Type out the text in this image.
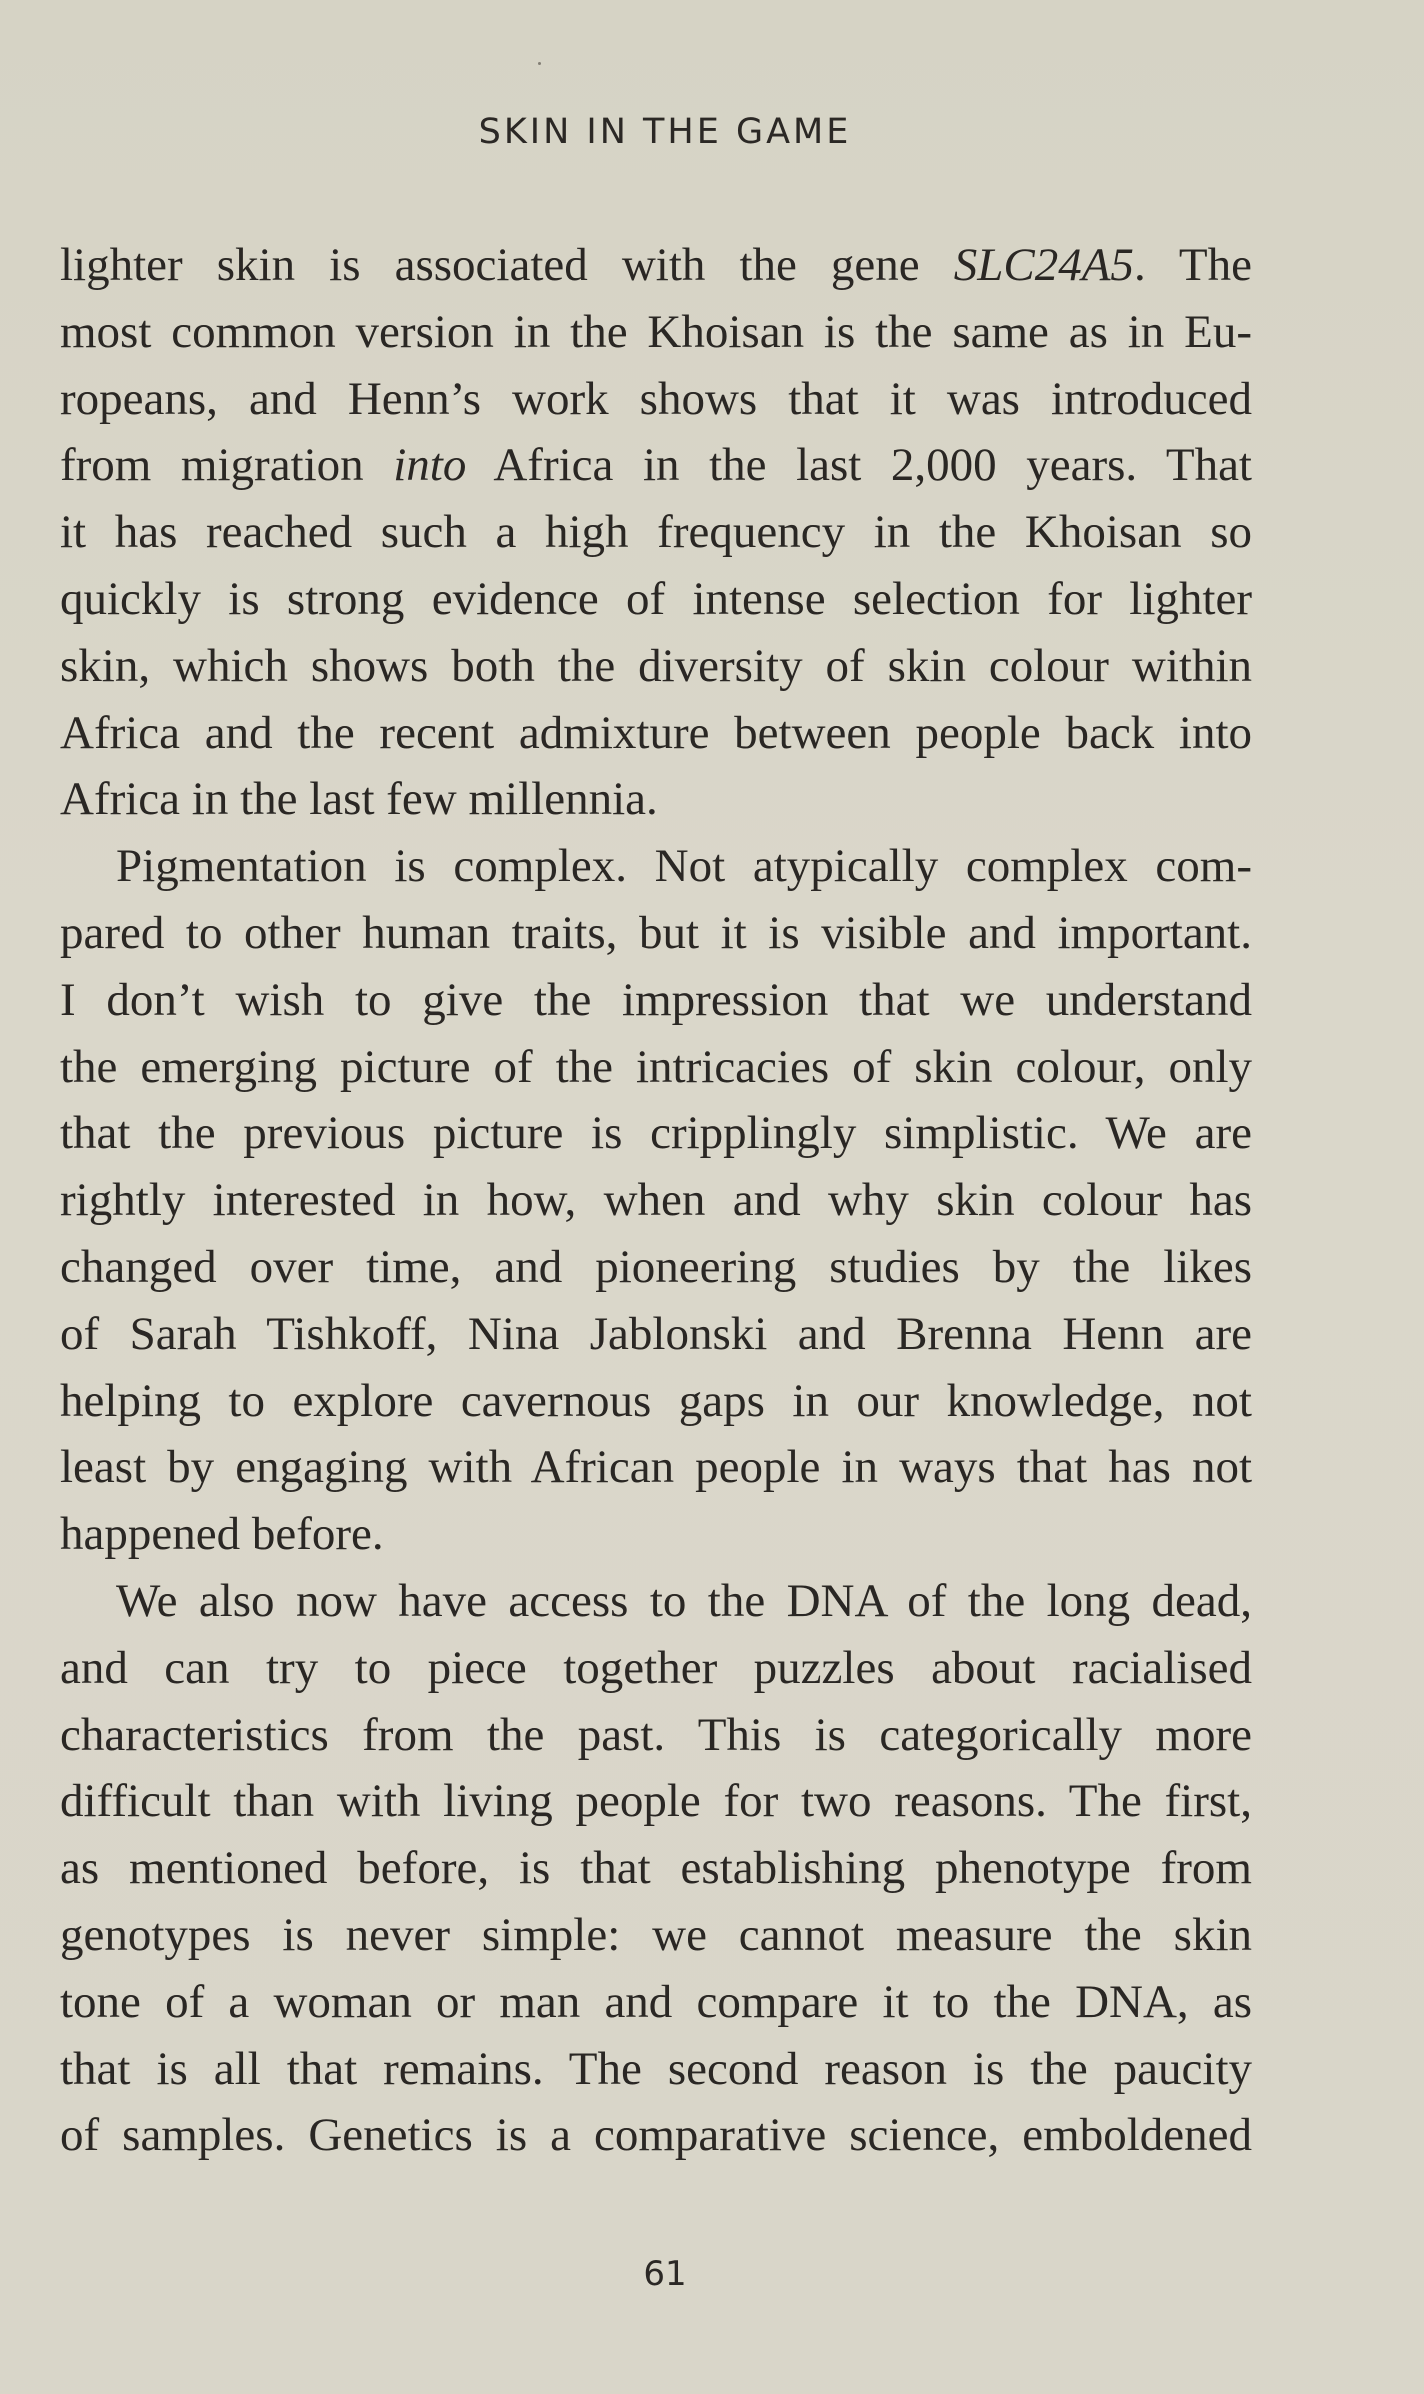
SKIN IN THE GAME
lighter skin is associated with the gene SLC24A5. The
most common version in the Khoisan is the same as in Eu-
ropeans, and Henn’s work shows that it was introduced
from migration into Africa in the last 2,000 years. That
it has reached such a high frequency in the Khoisan so
quickly is strong evidence of intense selection for lighter
skin, which shows both the diversity of skin colour within
Africa and the recent admixture between people back into
Africa in the last few millennia.
Pigmentation is complex. Not atypically complex com-
pared to other human traits, but it is visible and important.
I don’t wish to give the impression that we understand
the emerging picture of the intricacies of skin colour, only
that the previous picture is cripplingly simplistic. We are
rightly interested in how, when and why skin colour has
changed over time, and pioneering studies by the likes
of Sarah Tishkoff, Nina Jablonski and Brenna Henn are
helping to explore cavernous gaps in our knowledge, not
least by engaging with African people in ways that has not
happened before.
We also now have access to the DNA of the long dead,
and can try to piece together puzzles about racialised
characteristics from the past. This is categorically more
difficult than with living people for two reasons. The first,
as mentioned before, is that establishing phenotype from
genotypes is never simple: we cannot measure the skin
tone of a woman or man and compare it to the DNA, as
that is all that remains. The second reason is the paucity
of samples. Genetics is a comparative science, emboldened
61
